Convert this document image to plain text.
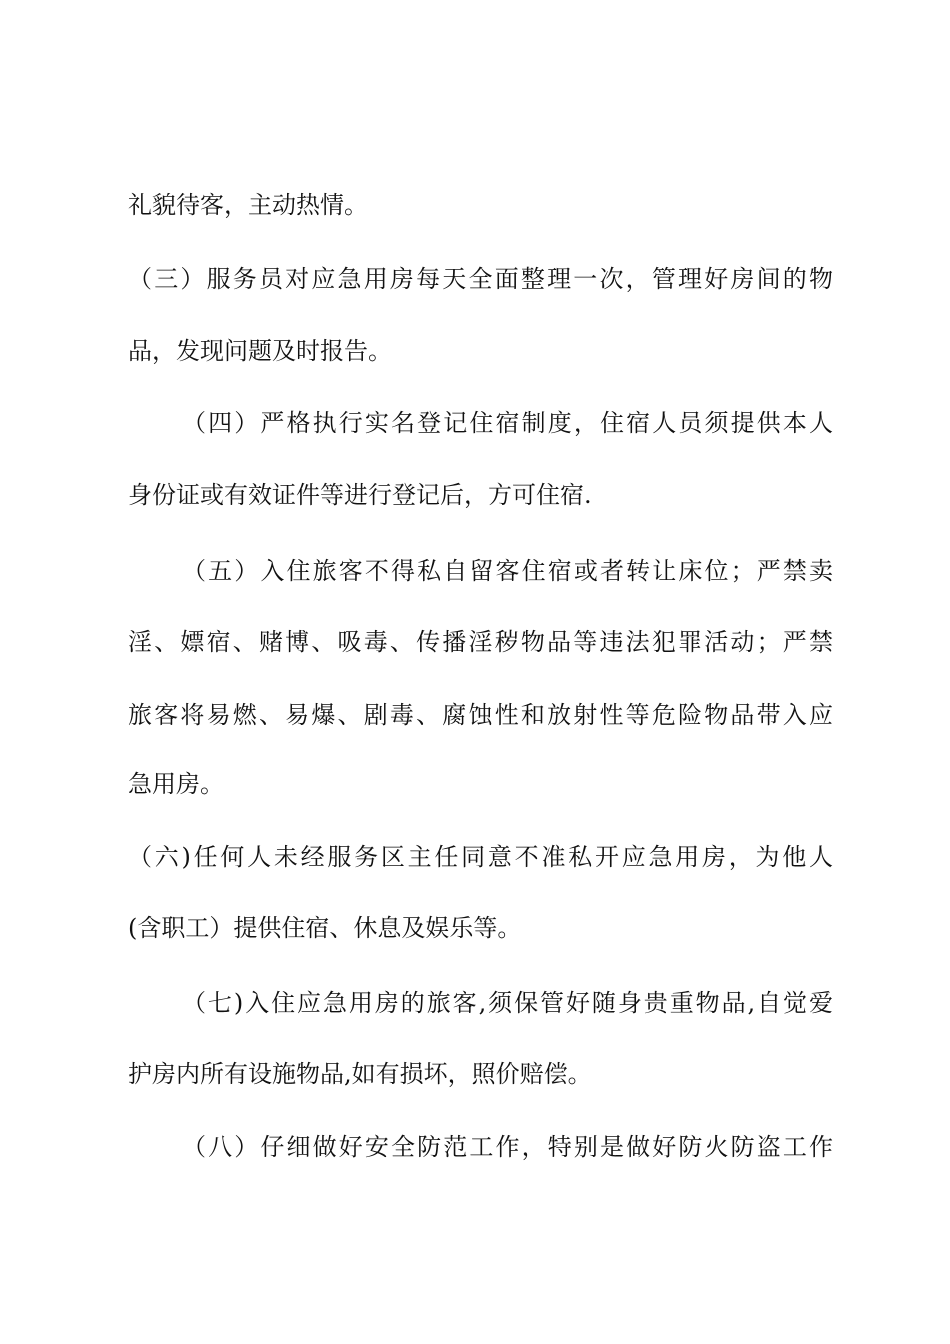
礼貌待客，主动热情。
（三）服务员对应急用房每天全面整理一次，管理好房间的物
品，发现问题及时报告。
（四）严格执行实名登记住宿制度，住宿人员须提供本人
身份证或有效证件等进行登记后，方可住宿.
（五）入住旅客不得私自留客住宿或者转让床位；严禁卖
淫、嫖宿、赌博、吸毒、传播淫秽物品等违法犯罪活动；严禁
旅客将易燃、易爆、剧毒、腐蚀性和放射性等危险物品带入应
急用房。
（六)任何人未经服务区主任同意不准私开应急用房，为他人
(含职工）提供住宿、休息及娱乐等。
（七)入住应急用房的旅客,须保管好随身贵重物品,自觉爱
护房内所有设施物品,如有损坏，照价赔偿。
（八）仔细做好安全防范工作，特别是做好防火防盗工作
